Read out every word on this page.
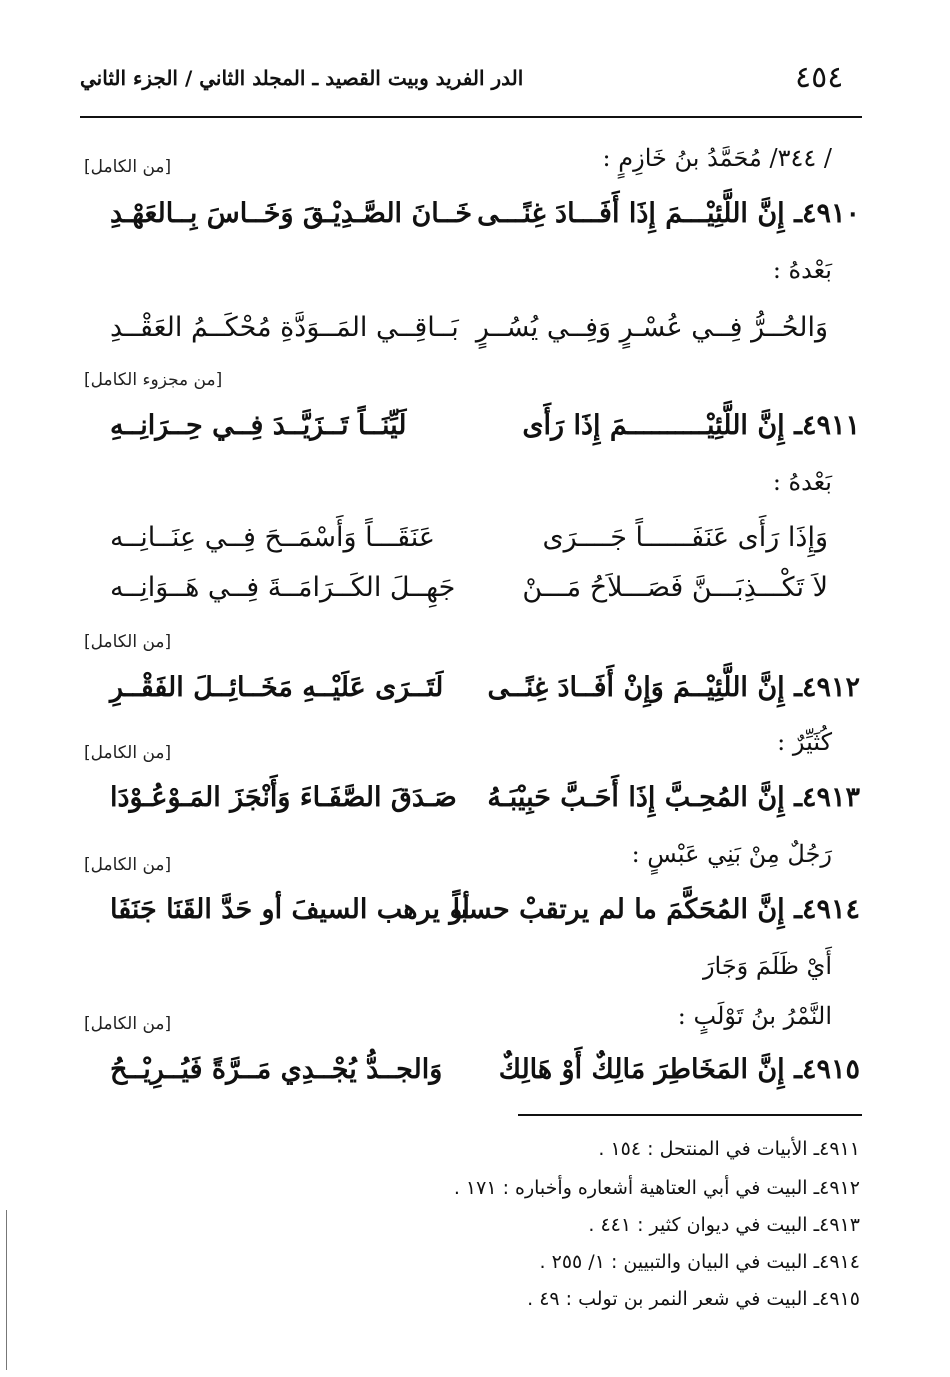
٤٥٤
الدر الفريد وبيت القصيد ـ المجلد الثاني / الجزء الثاني
/ ٣٤٤/ مُحَمَّدُ بنُ خَازِمٍ :
[من الكامل]
٤٩١٠ـ إِنَّ اللَّئِيْـــمَ إِذَا أَفَـــادَ غِنًـــى
خَــانَ الصَّـدِيْـقَ وَخَــاسَ بِــالعَهْـدِ
بَعْدهُ :
وَالحُــرُّ فِــي عُسْـرٍ وَفِــي يُسُــرٍ
بَــاقِــي المَــوَدَّةِ مُحْكَــمُ العَقْــدِ
[من مجزوء الكامل]
٤٩١١ـ إِنَّ اللَّئِيْــــــــــمَ إِذَا رَأَى
لَيِّنَــاً تَــزَيَّــدَ فِــي حِــرَانِــهِ
بَعْدهُ :
وَإِذَا رَأَى عَنَفَــــــاً جَــــرَى
عَنَقَـــاً وَأَسْمَــحَ فِــي عِنَــانِــه
لاَ تَكْـــذِبَـــنَّ فَصَـــلاَحُ مَـــنْ
جَهِــلَ الكَــرَامَــةَ فِــي هَــوَانِــه
[من الكامل]
٤٩١٢ـ إِنَّ اللَّئِيْــمَ وَإِنْ أَفَــادَ غِنًــى
لَتَــرَى عَلَيْــهِ مَخَــائِــلَ الفَقْــرِ
كُثَيِّرٌ :
[من الكامل]
٤٩١٣ـ إِنَّ المُحِـبَّ إِذَا أَحَـبَّ حَبِيْبَـهُ
صَـدَقَ الصَّفَـاءَ وَأَنْجَزَ المَـوْعُـوْدَا
رَجُلٌ مِنْ بَنِي عَبْسٍ :
[من الكامل]
٤٩١٤ـ إِنَّ المُحَكَّمَ ما لم يرتقبْ حسباً
أو يرهب السيفَ أو حَدَّ القَنَا جَنَفَا
أَيْ ظَلَمَ وَجَارَ
النَّمْرُ بنُ تَوْلَبٍ :
[من الكامل]
٤٩١٥ـ إِنَّ المَخَاطِرَ مَالِكٌ أَوْ هَالِكٌ
وَالجــدُّ يُجْــدِي مَــرَّةً فَيُــرِيْــحُ
٤٩١١ـ الأبيات في المنتحل : ١٥٤ .
٤٩١٢ـ البيت في أبي العتاهية أشعاره وأخباره : ١٧١ .
٤٩١٣ـ البيت في ديوان كثير : ٤٤١ .
٤٩١٤ـ البيت في البيان والتبيين : ١/ ٢٥٥ .
٤٩١٥ـ البيت في شعر النمر بن تولب : ٤٩ .
